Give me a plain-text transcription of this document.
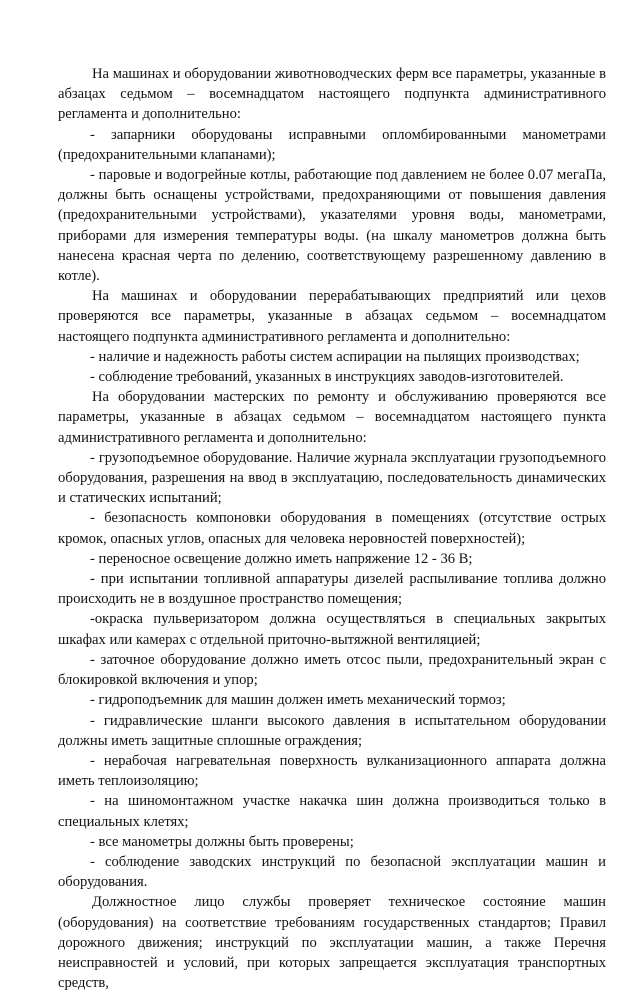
На машинах и оборудовании животноводческих ферм все параметры, указанные в абзацах седьмом – восемнадцатом настоящего подпункта административного регламента и дополнительно:

- запарники оборудованы исправными опломбированными манометрами (предохранительными клапанами);

- паровые и водогрейные котлы, работающие под давлением не более 0.07 мегаПа, должны быть оснащены устройствами, предохраняющими от повышения давления (предохранительными устройствами), указателями уровня воды, манометрами, приборами для измерения температуры воды. (на шкалу манометров должна быть нанесена красная черта по делению, соответствующему разрешенному давлению в котле).

На машинах и оборудовании перерабатывающих предприятий или цехов проверяются все параметры, указанные в абзацах седьмом – восемнадцатом настоящего подпункта административного регламента и дополнительно:

- наличие и надежность работы систем аспирации на пылящих производствах;

- соблюдение требований, указанных в инструкциях заводов-изготовителей.

На оборудовании мастерских по ремонту и обслуживанию проверяются все параметры, указанные в абзацах седьмом – восемнадцатом настоящего пункта административного регламента и дополнительно:

- грузоподъемное оборудование. Наличие журнала эксплуатации грузоподъемного оборудования, разрешения на ввод в эксплуатацию, последовательность динамических и статических испытаний;

- безопасность компоновки оборудования в помещениях (отсутствие острых кромок, опасных углов, опасных для человека неровностей поверхностей);

- переносное освещение должно иметь напряжение 12 - 36 В;

- при испытании топливной аппаратуры дизелей распыливание топлива должно происходить не в воздушное пространство помещения;

-окраска пульверизатором должна осуществляться в специальных закрытых шкафах или камерах с отдельной приточно-вытяжной вентиляцией;

- заточное оборудование должно иметь отсос пыли, предохранительный экран с блокировкой включения и упор;

- гидроподъемник для машин должен иметь механический тормоз;

- гидравлические шланги высокого давления в испытательном оборудовании должны иметь защитные сплошные ограждения;

- нерабочая нагревательная поверхность вулканизационного аппарата должна иметь теплоизоляцию;

- на шиномонтажном участке накачка шин должна производиться только в специальных клетях;

- все манометры должны быть проверены;

- соблюдение заводских инструкций по безопасной эксплуатации машин и оборудования.

Должностное лицо службы проверяет техническое состояние машин (оборудования) на соответствие требованиям государственных стандартов; Правил дорожного движения; инструкций по эксплуатации машин, а также Перечня неисправностей и условий, при которых запрещается эксплуатация транспортных средств,
